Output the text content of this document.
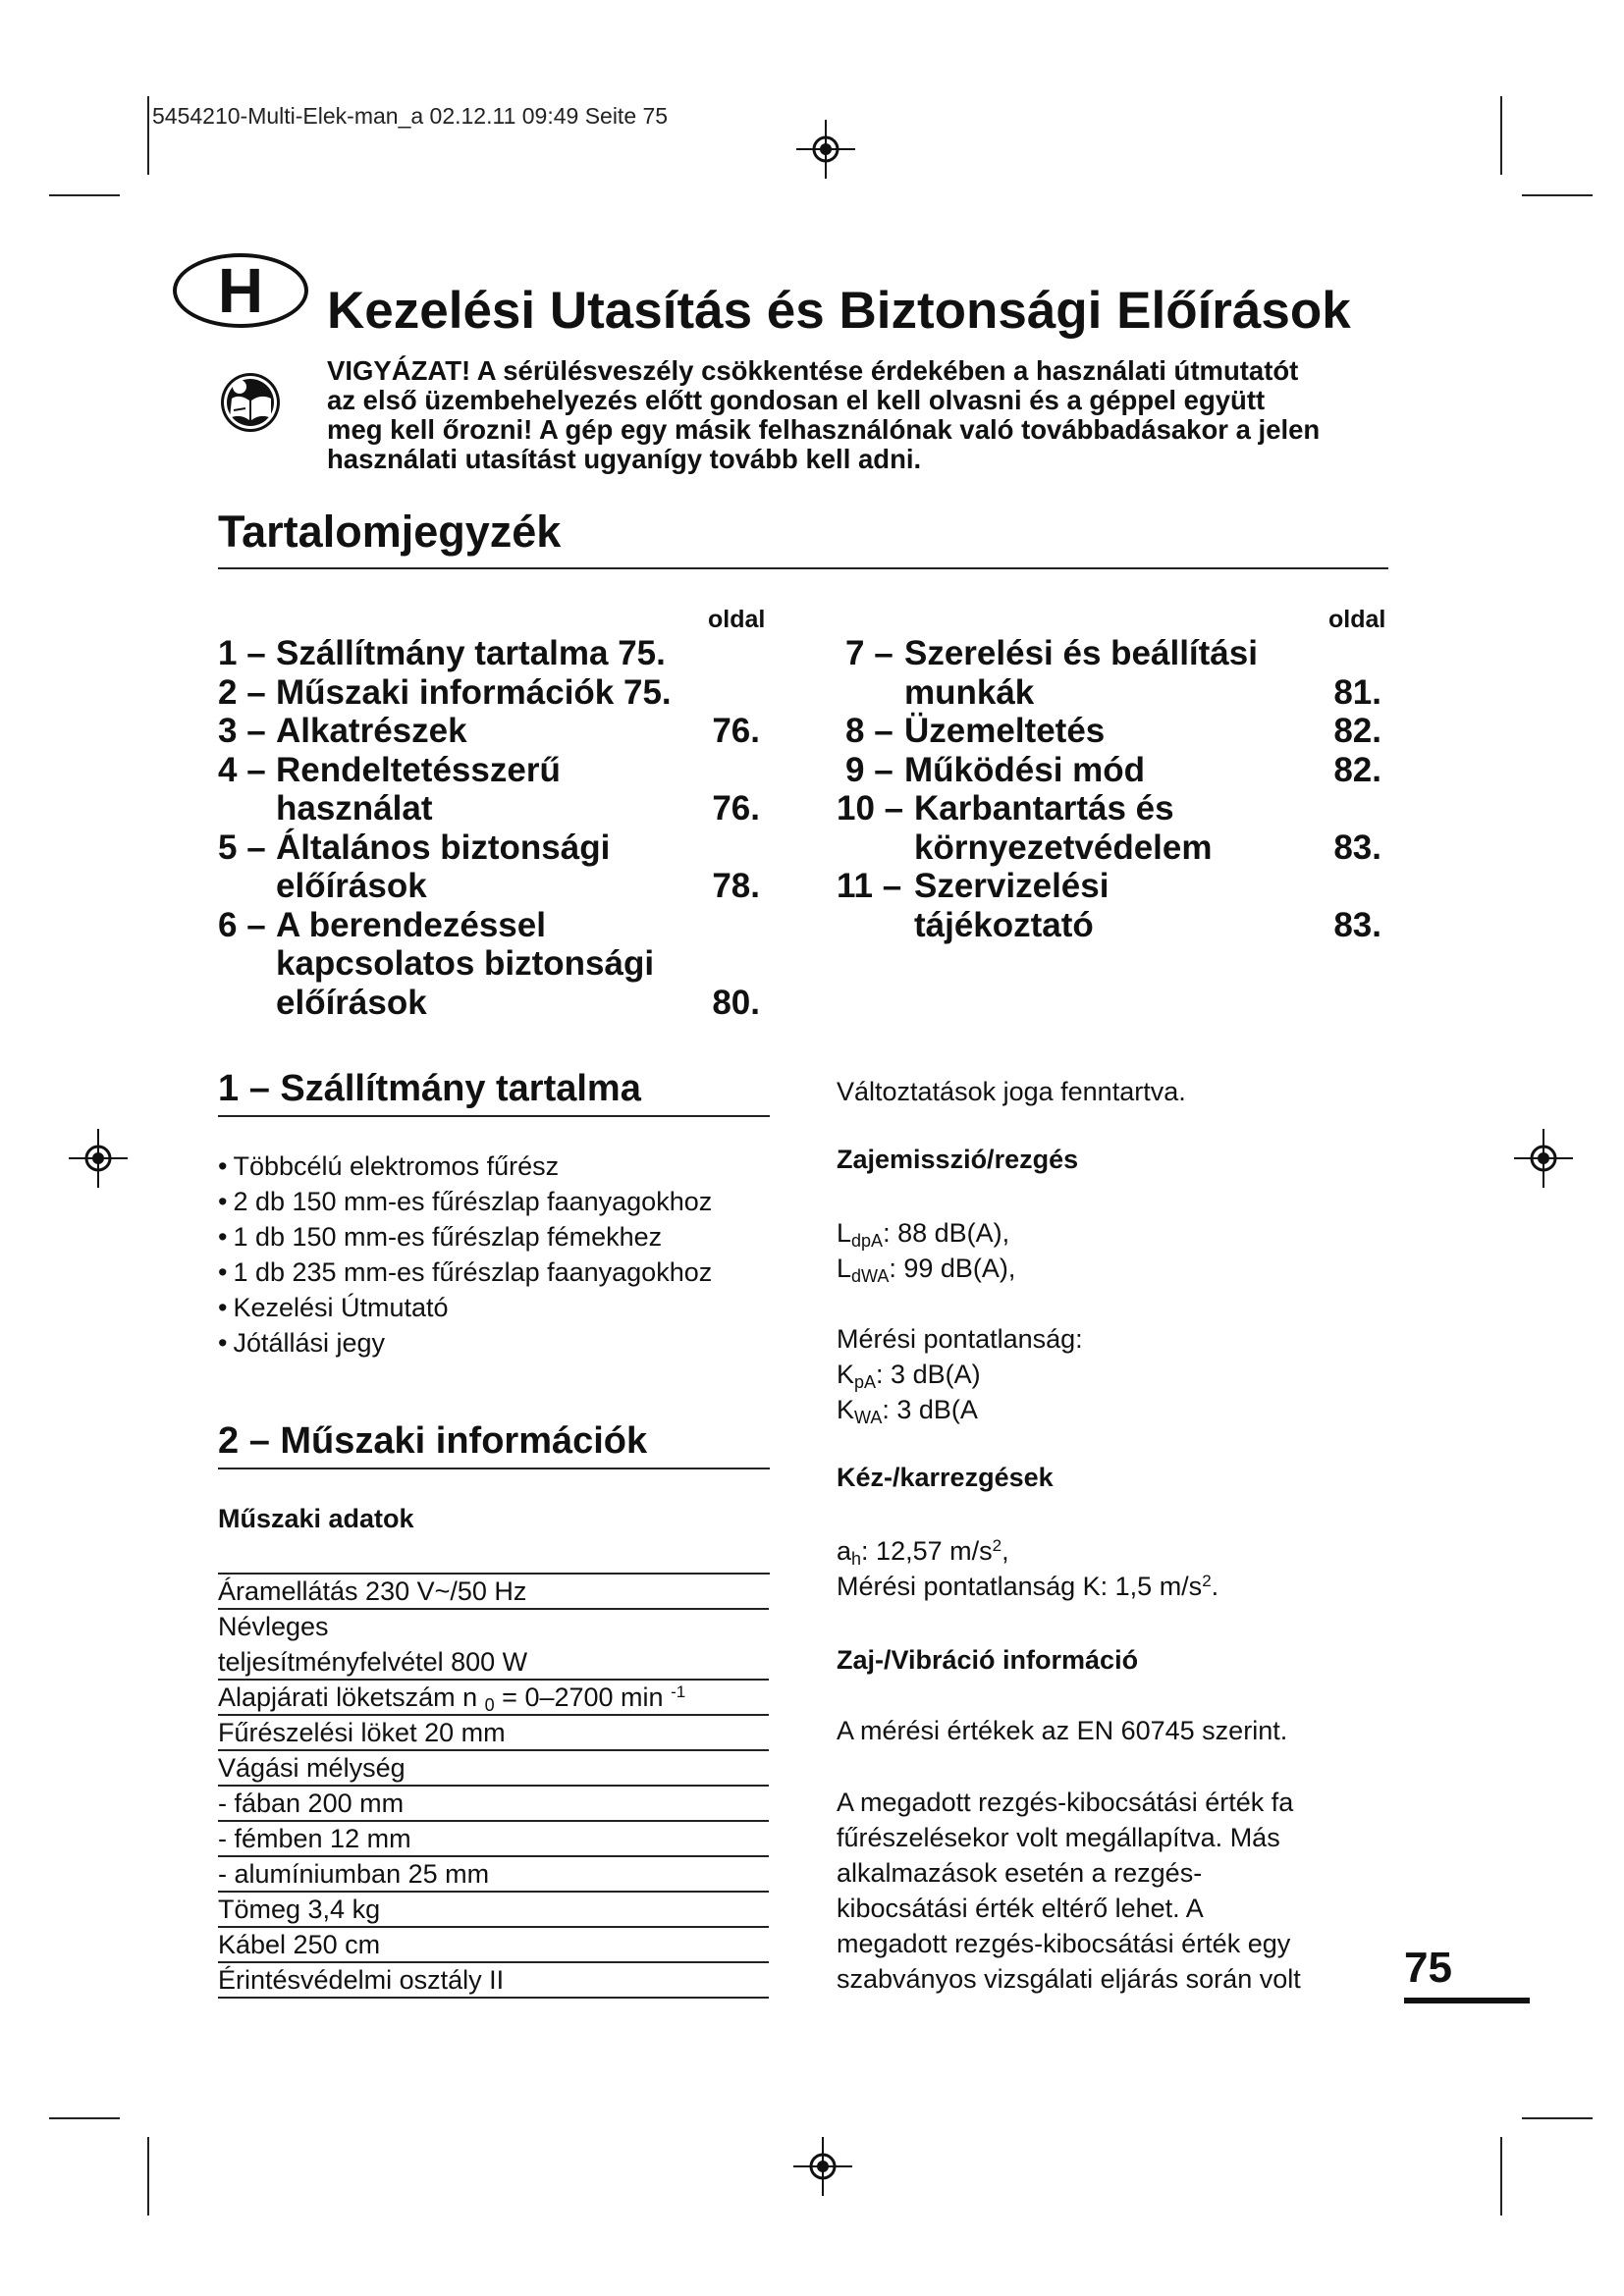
5454210-Multi-Elek-man_a 02.12.11 09:49 Seite 75
H Kezelési Utasítás és Biztonsági Előírások
VIGYÁZAT! A sérülésveszély csökkentése érdekében a használati útmutatót
az első üzembehelyezés előtt gondosan el kell olvasni és a géppel együtt
meg kell őrozni! A gép egy másik felhasználónak való továbbadásakor a jelen
használati utasítást ugyanígy tovább kell adni.
Tartalomjegyzék
oldal	oldal
1 – Szállítmány tartalma 75.
2 – Műszaki információk 75.
3 – Alkatrészek	76.
4 – Rendeltetésszerű
használat	76.
5 – Általános biztonsági
előírások	78.
6 – A berendezéssel
kapcsolatos biztonsági
előírások	80.
7 – Szerelési és beállítási
munkák	81.
8 – Üzemeltetés	82.
9 – Működési mód	82.
10 – Karbantartás és
környezetvédelem	83.
11 – Szervizelési
tájékoztató	83.
1 – Szállítmány tartalma
• Többcélú elektromos fűrész
• 2 db 150 mm-es fűrészlap faanyagokhoz
• 1 db 150 mm-es fűrészlap fémekhez
• 1 db 235 mm-es fűrészlap faanyagokhoz
• Kezelési Útmutató
• Jótállási jegy
2 – Műszaki információk
Műszaki adatok
Áramellátás 230 V~/50 Hz
Névleges
teljesítményfelvétel 800 W
Alapjárati löketszám n $_0$ = 0–2700 min $^{-1}$
Fűrészelési löket 20 mm
Vágási mélység
- fában 200 mm
- fémben 12 mm
- alumíniumban 25 mm
Tömeg 3,4 kg
Kábel 250 cm
Érintésvédelmi osztály II
Változtatások joga fenntartva.
Zajemisszió/rezgés
$L_{dpA}$: 88 dB(A),
$L_{dWA}$: 99 dB(A),
Mérési pontatlanság:
$K_{pA}$: 3 dB(A)
$K_{WA}$: 3 dB(A
Kéz-/karrezgések
$a_h$: 12,57 $m/s^2$,
Mérési pontatlanság K: 1,5 $m/s^2$.
Zaj-/Vibráció információ
A mérési értékek az EN 60745 szerint.
A megadott rezgés-kibocsátási érték fa
fűrészelésekor volt megállapítva. Más
alkalmazások esetén a rezgés-
kibocsátási érték eltérő lehet. A
megadott rezgés-kibocsátási érték egy
szabványos vizsgálati eljárás során volt 75
